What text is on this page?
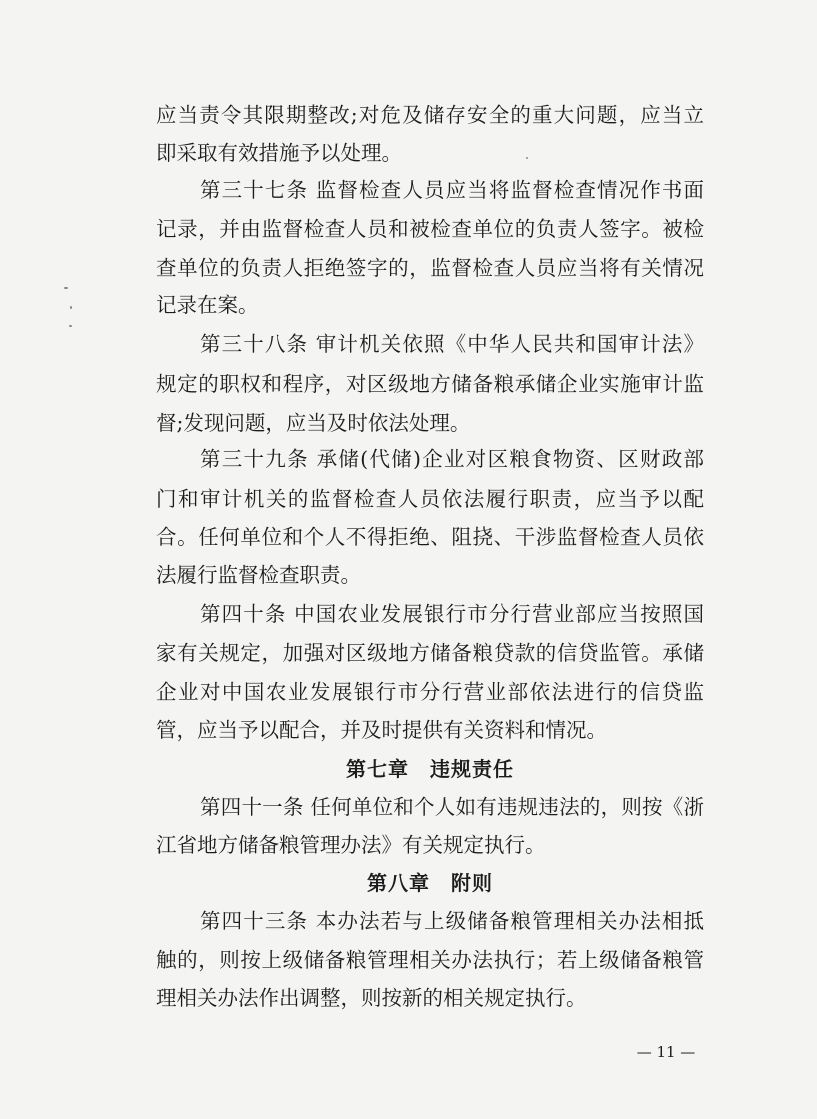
应当责令其限期整改;对危及储存安全的重大问题，应当立
即采取有效措施予以处理。
第三十七条 监督检查人员应当将监督检查情况作书面
记录，并由监督检查人员和被检查单位的负责人签字。被检
查单位的负责人拒绝签字的，监督检查人员应当将有关情况
记录在案。
第三十八条 审计机关依照《中华人民共和国审计法》
规定的职权和程序，对区级地方储备粮承储企业实施审计监
督;发现问题，应当及时依法处理。
第三十九条 承储(代储)企业对区粮食物资、区财政部
门和审计机关的监督检查人员依法履行职责，应当予以配
合。任何单位和个人不得拒绝、阻挠、干涉监督检查人员依
法履行监督检查职责。
第四十条 中国农业发展银行市分行营业部应当按照国
家有关规定，加强对区级地方储备粮贷款的信贷监管。承储
企业对中国农业发展银行市分行营业部依法进行的信贷监
管，应当予以配合，并及时提供有关资料和情况。
第七章　违规责任
第四十一条 任何单位和个人如有违规违法的，则按《浙
江省地方储备粮管理办法》有关规定执行。
第八章　附则
第四十三条 本办法若与上级储备粮管理相关办法相抵
触的，则按上级储备粮管理相关办法执行；若上级储备粮管
理相关办法作出调整，则按新的相关规定执行。
— 11 —
